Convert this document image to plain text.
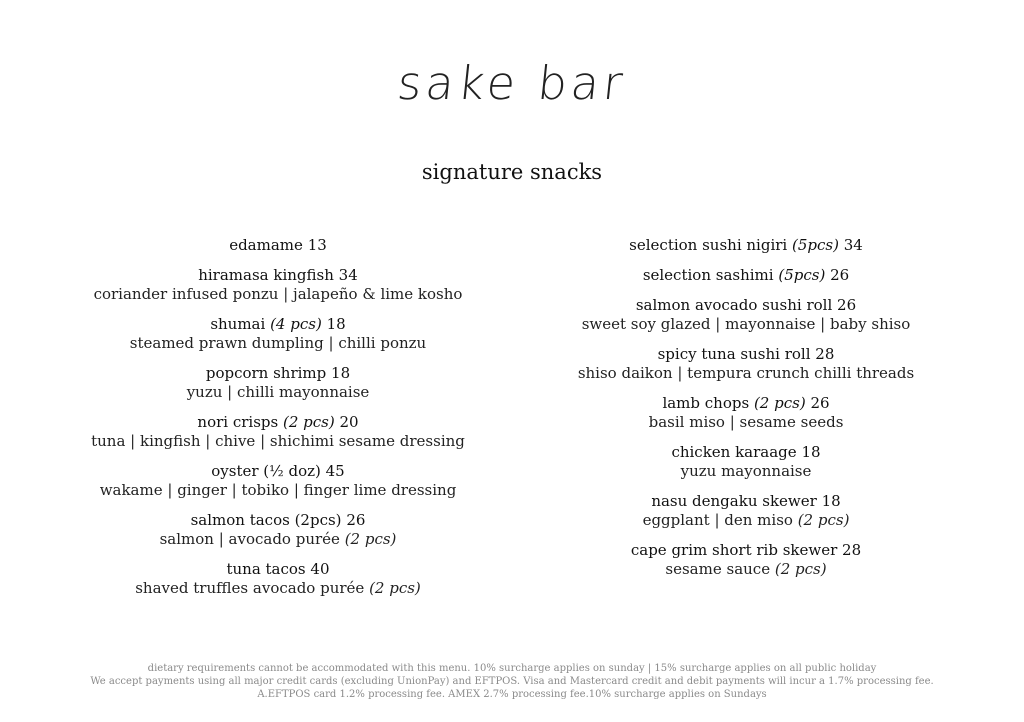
sake bar
signature snacks
edamame 13
hiramasa kingfish 34
coriander infused ponzu | jalapeño & lime kosho
shumai (4 pcs) 18
steamed prawn dumpling | chilli ponzu
popcorn shrimp 18
yuzu | chilli mayonnaise
nori crisps (2 pcs) 20
tuna | kingfish | chive | shichimi sesame dressing
oyster (½ doz) 45
wakame | ginger | tobiko | finger lime dressing
salmon tacos (2pcs) 26
salmon | avocado purée (2 pcs)
tuna tacos 40
shaved truffles avocado purée (2 pcs)
selection sushi nigiri (5pcs) 34
selection sashimi (5pcs) 26
salmon avocado sushi roll 26
sweet soy glazed | mayonnaise | baby shiso
spicy tuna sushi roll 28
shiso daikon | tempura crunch chilli threads
lamb chops (2 pcs) 26
basil miso | sesame seeds
chicken karaage 18
yuzu mayonnaise
nasu dengaku skewer 18
eggplant | den miso (2 pcs)
cape grim short rib skewer 28
sesame sauce (2 pcs)
dietary requirements cannot be accommodated with this menu. 10% surcharge applies on sunday | 15% surcharge applies on all public holiday
We accept payments using all major credit cards (excluding UnionPay) and EFTPOS. Visa and Mastercard credit and debit payments will incur a 1.7% processing fee.
A.EFTPOS card 1.2% processing fee. AMEX 2.7% processing fee.10% surcharge applies on Sundays
